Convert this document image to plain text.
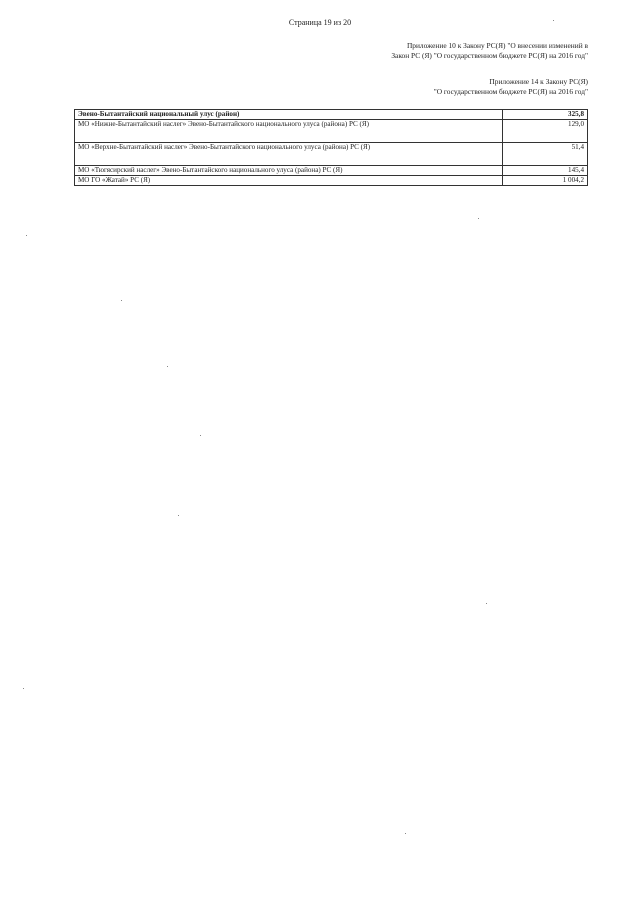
Страница 19 из 20
Приложение 10 к Закону РС(Я) "О внесении изменений в
Закон РС (Я) "О государственном бюджете РС(Я) на 2016 год"
Приложение 14 к Закону РС(Я)
"О государственном бюджете РС(Я) на 2016 год"
Эвено-Бытантайский национальный улус (район)	325,8
МО «Нижне-Бытантайский наслег» Эвено-Бытантайского национального улуса (района) РС (Я)	129,0
МО «Верхне-Бытантайский наслег» Эвено-Бытантайского национального улуса (района) РС (Я)	51,4
МО «Тюгясирский наслег» Эвено-Бытантайского национального улуса (района) РС (Я)	145,4
МО ГО «Жатай» РС (Я)	1 004,2
